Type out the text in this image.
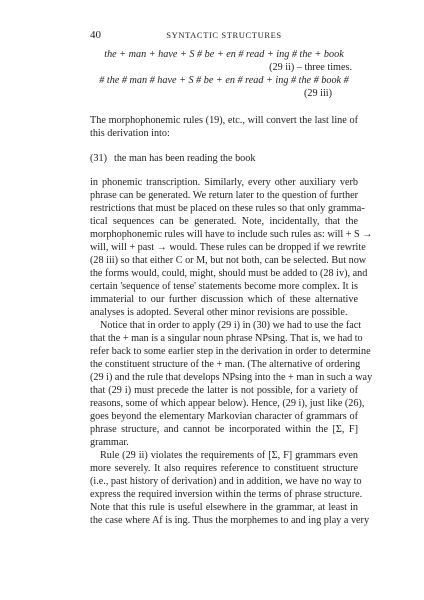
40	SYNTACTIC STRUCTURES
the + man + have + S # be + en # read + ing # the + book
(29 ii) – three times.
# the # man # have + S # be + en # read + ing # the # book #
(29 iii)
The morphophonemic rules (19), etc., will convert the last line of
this derivation into:
(31) the man has been reading the book
in phonemic transcription. Similarly, every other auxiliary verb
phrase can be generated. We return later to the question of further
restrictions that must be placed on these rules so that only gramma-
tical sequences can be generated. Note, incidentally, that the
morphophonemic rules will have to include such rules as: will + S →
will, will + past → would. These rules can be dropped if we rewrite
(28 iii) so that either C or M, but not both, can be selected. But now
the forms would, could, might, should must be added to (28 iv), and
certain 'sequence of tense' statements become more complex. It is
immaterial to our further discussion which of these alternative
analyses is adopted. Several other minor revisions are possible.
Notice that in order to apply (29 i) in (30) we had to use the fact
that the + man is a singular noun phrase NPsing. That is, we had to
refer back to some earlier step in the derivation in order to determine
the constituent structure of the + man. (The alternative of ordering
(29 i) and the rule that develops NPsing into the + man in such a way
that (29 i) must precede the latter is not possible, for a variety of
reasons, some of which appear below). Hence, (29 i), just like (26),
goes beyond the elementary Markovian character of grammars of
phrase structure, and cannot be incorporated within the [Σ, F]
grammar.
Rule (29 ii) violates the requirements of [Σ, F] grammars even
more severely. It also requires reference to constituent structure
(i.e., past history of derivation) and in addition, we have no way to
express the required inversion within the terms of phrase structure.
Note that this rule is useful elsewhere in the grammar, at least in
the case where Af is ing. Thus the morphemes to and ing play a very
